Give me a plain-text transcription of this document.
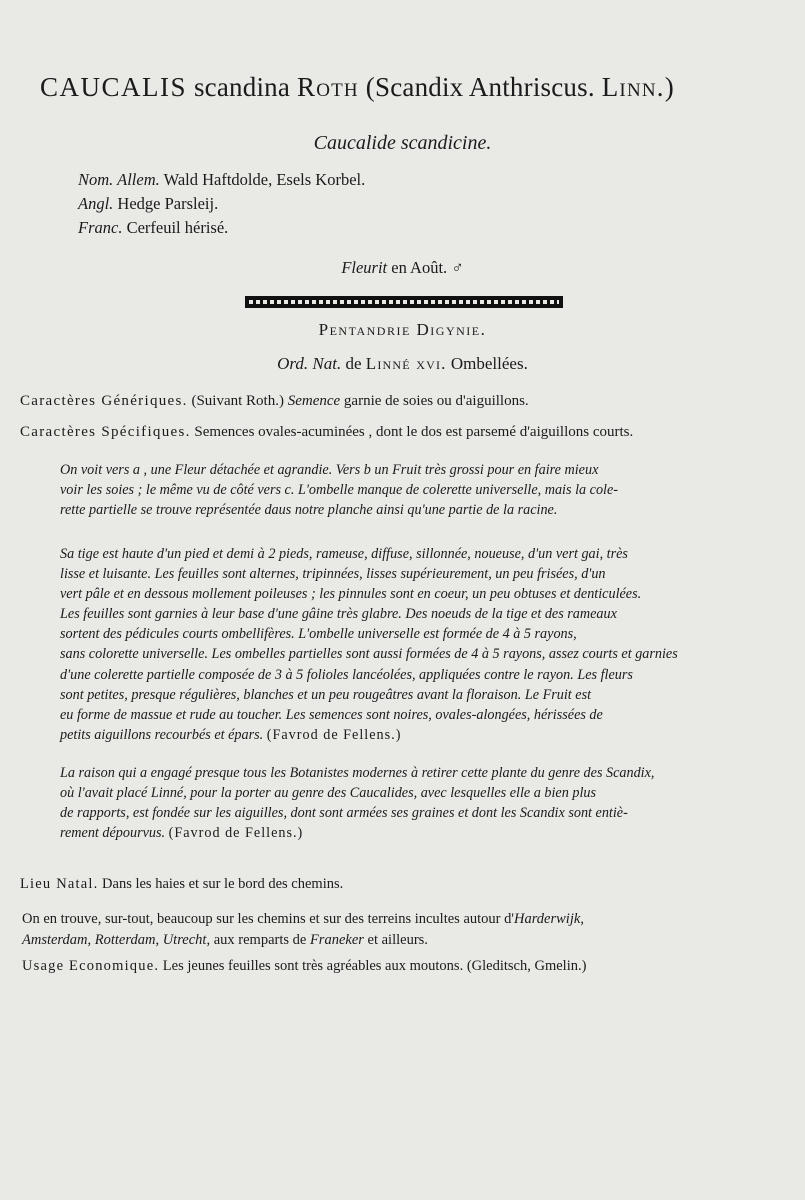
CAUCALIS scandina Roth (Scandix Anthriscus. Linn.)
Caucalide scandicine.
Nom. Allem. Wald Haftdolde, Esels Korbel.
Angl. Hedge Parsleij.
Franc. Cerfeuil hérisé.
Fleurit en Août. ♂
Pentandrie Digynie.
Ord. Nat. de Linné xvi. Ombellées.
Caractères Génériques. (Suivant Roth.) Semence garnie de soies ou d'aiguillons.
Caractères Spécifiques. Semences ovales-acuminées , dont le dos est parsemé d'aiguillons courts.
On voit vers a , une Fleur détachée et agrandie. Vers b un Fruit très grossi pour en faire mieux
voir les soies ; le même vu de côté vers c. L'ombelle manque de colerette universelle, mais la cole-
rette partielle se trouve représentée daus notre planche ainsi qu'une partie de la racine.
Sa tige est haute d'un pied et demi à 2 pieds, rameuse, diffuse, sillonnée, noueuse, d'un vert gai, très
lisse et luisante. Les feuilles sont alternes, tripinnées, lisses supérieurement, un peu frisées, d'un
vert pâle et en dessous mollement poileuses ; les pinnules sont en coeur, un peu obtuses et denticulées.
Les feuilles sont garnies à leur base d'une gâine très glabre. Des noeuds de la tige et des rameaux
sortent des pédicules courts ombellifères. L'ombelle universelle est formée de 4 à 5 rayons,
sans colorette universelle. Les ombelles partielles sont aussi formées de 4 à 5 rayons, assez courts et garnies
d'une colerette partielle composée de 3 à 5 folioles lancéolées, appliquées contre le rayon. Les fleurs
sont petites, presque régulières, blanches et un peu rougeâtres avant la floraison. Le Fruit est
eu forme de massue et rude au toucher. Les semences sont noires, ovales-alongées, hérissées de
petits aiguillons recourbés et épars. (Favrod de Fellens.)
La raison qui a engagé presque tous les Botanistes modernes à retirer cette plante du genre des Scandix,
où l'avait placé Linné, pour la porter au genre des Caucalides, avec lesquelles elle a bien plus
de rapports, est fondée sur les aiguilles, dont sont armées ses graines et dont les Scandix sont entiè-
rement dépourvus. (Favrod de Fellens.)
Lieu Natal. Dans les haies et sur le bord des chemins.
On en trouve, sur-tout, beaucoup sur les chemins et sur des terreins incultes autour d'Harderwijk,
Amsterdam, Rotterdam, Utrecht, aux remparts de Franeker et ailleurs.
Usage Economique. Les jeunes feuilles sont très agréables aux moutons. (Gleditsch, Gmelin.)
